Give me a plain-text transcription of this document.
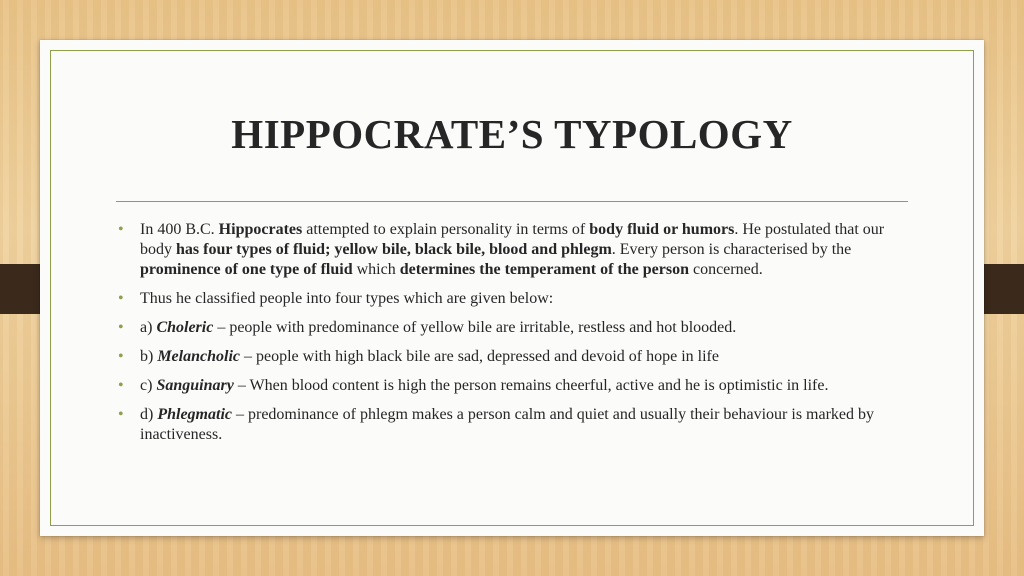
HIPPOCRATE’S TYPOLOGY
• In 400 B.C. Hippocrates attempted to explain personality in terms of body fluid or humors. He postulated that our body has four types of fluid; yellow bile, black bile, blood and phlegm. Every person is characterised by the prominence of one type of fluid which determines the temperament of the person concerned.
• Thus he classified people into four types which are given below:
• a) Choleric – people with predominance of yellow bile are irritable, restless and hot blooded.
• b) Melancholic – people with high black bile are sad, depressed and devoid of hope in life
• c) Sanguinary – When blood content is high the person remains cheerful, active and he is optimistic in life.
• d) Phlegmatic – predominance of phlegm makes a person calm and quiet and usually their behaviour is marked by inactiveness.
